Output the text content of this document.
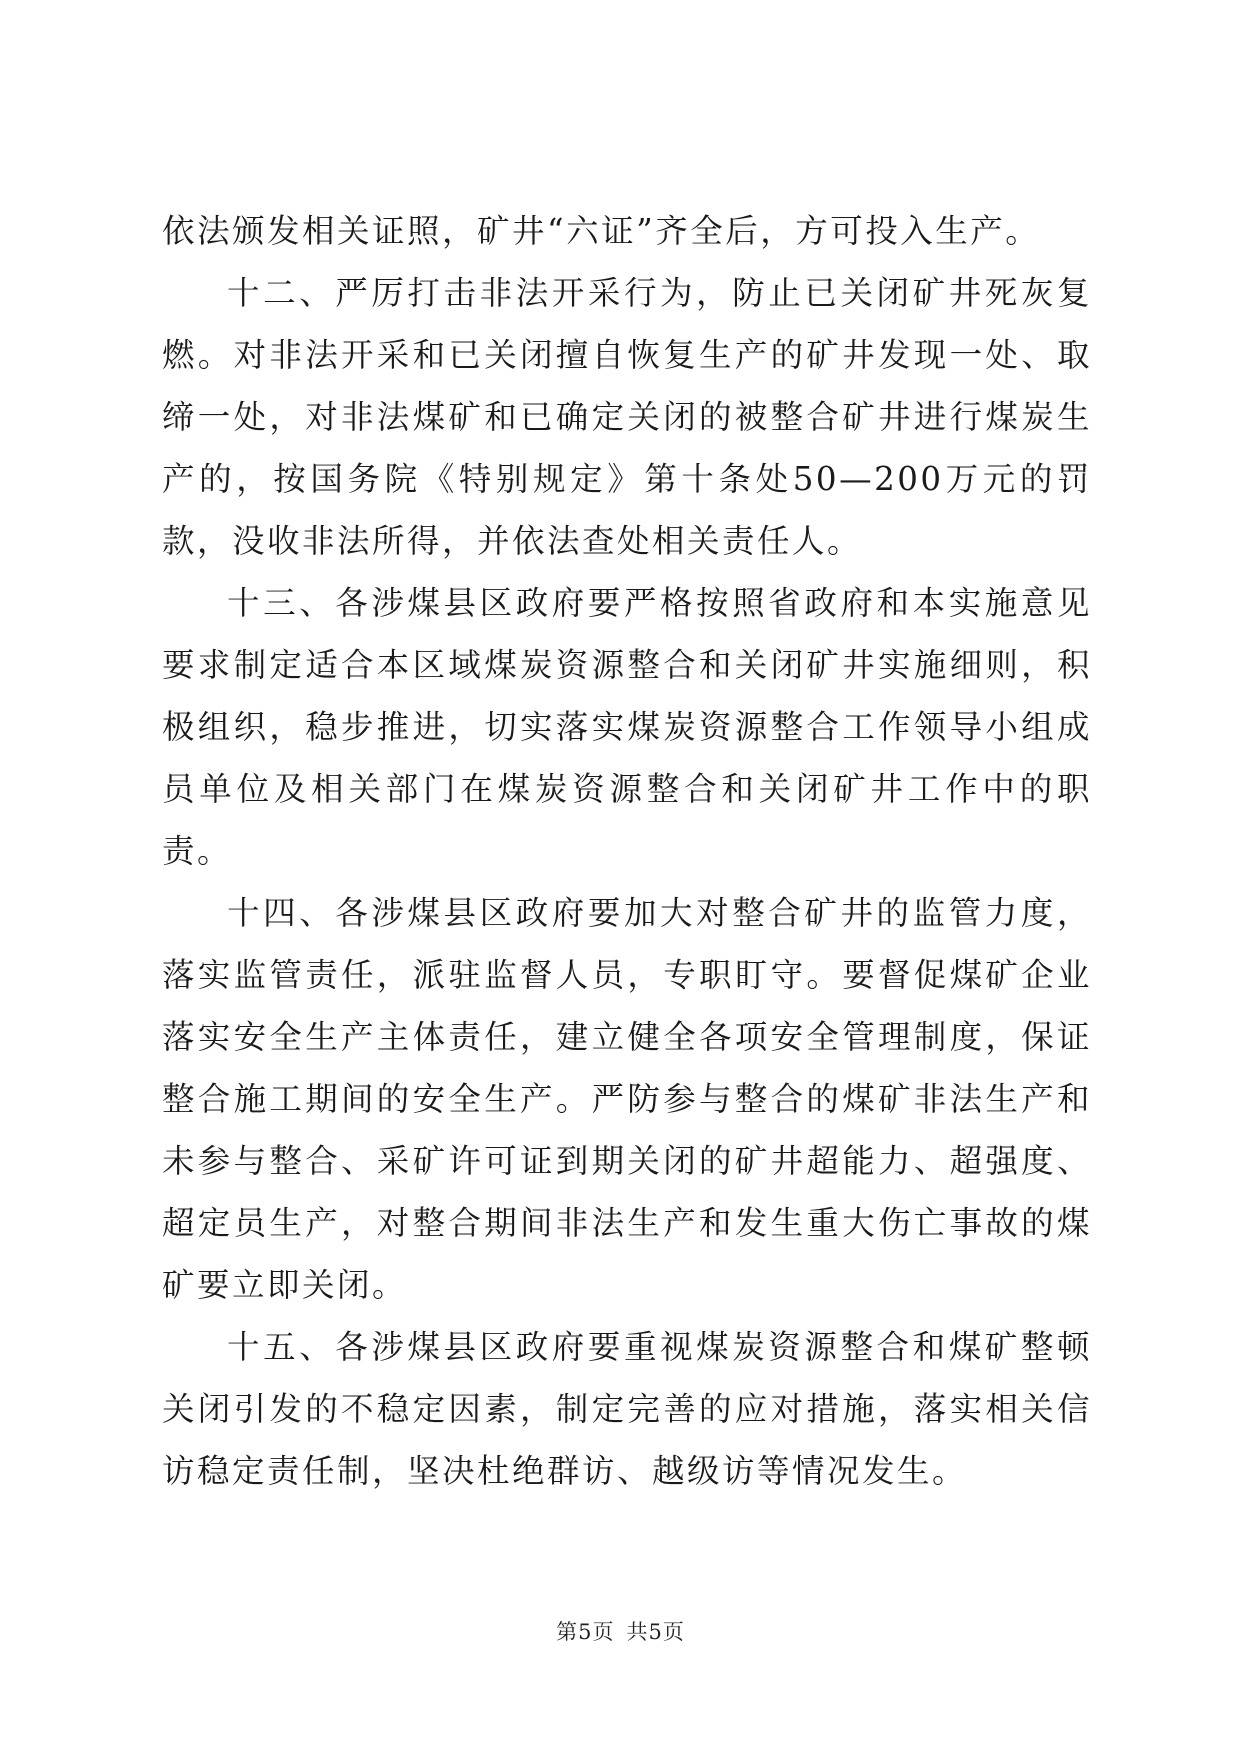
依法颁发相关证照，矿井“六证”齐全后，方可投入生产。

十二、严厉打击非法开采行为，防止已关闭矿井死灰复燃。对非法开采和已关闭擅自恢复生产的矿井发现一处、取缔一处，对非法煤矿和已确定关闭的被整合矿井进行煤炭生产的，按国务院《特别规定》第十条处50—200万元的罚款，没收非法所得，并依法查处相关责任人。

十三、各涉煤县区政府要严格按照省政府和本实施意见要求制定适合本区域煤炭资源整合和关闭矿井实施细则，积极组织，稳步推进，切实落实煤炭资源整合工作领导小组成员单位及相关部门在煤炭资源整合和关闭矿井工作中的职责。

十四、各涉煤县区政府要加大对整合矿井的监管力度，落实监管责任，派驻监督人员，专职盯守。要督促煤矿企业落实安全生产主体责任，建立健全各项安全管理制度，保证整合施工期间的安全生产。严防参与整合的煤矿非法生产和未参与整合、采矿许可证到期关闭的矿井超能力、超强度、超定员生产，对整合期间非法生产和发生重大伤亡事故的煤矿要立即关闭。

十五、各涉煤县区政府要重视煤炭资源整合和煤矿整顿关闭引发的不稳定因素，制定完善的应对措施，落实相关信访稳定责任制，坚决杜绝群访、越级访等情况发生。

第5页 共5页
